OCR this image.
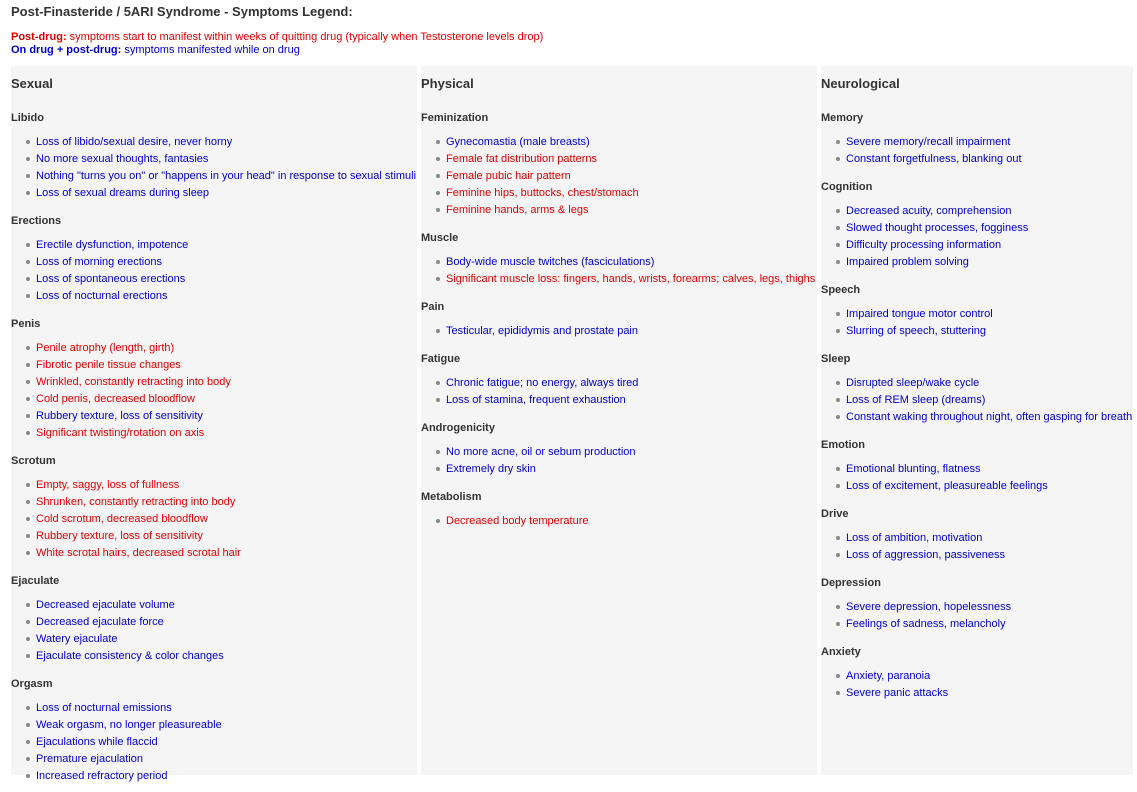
Post-Finasteride / 5ARI Syndrome - Symptoms Legend:
Post-drug: symptoms start to manifest within weeks of quitting drug (typically when Testosterone levels drop)
On drug + post-drug: symptoms manifested while on drug
Sexual
Libido
Loss of libido/sexual desire, never horny
No more sexual thoughts, fantasies
Nothing "turns you on" or "happens in your head" in response to sexual stimuli
Loss of sexual dreams during sleep
Erections
Erectile dysfunction, impotence
Loss of morning erections
Loss of spontaneous erections
Loss of nocturnal erections
Penis
Penile atrophy (length, girth)
Fibrotic penile tissue changes
Wrinkled, constantly retracting into body
Cold penis, decreased bloodflow
Rubbery texture, loss of sensitivity
Significant twisting/rotation on axis
Scrotum
Empty, saggy, loss of fullness
Shrunken, constantly retracting into body
Cold scrotum, decreased bloodflow
Rubbery texture, loss of sensitivity
White scrotal hairs, decreased scrotal hair
Ejaculate
Decreased ejaculate volume
Decreased ejaculate force
Watery ejaculate
Ejaculate consistency & color changes
Orgasm
Loss of nocturnal emissions
Weak orgasm, no longer pleasureable
Ejaculations while flaccid
Premature ejaculation
Increased refractory period
Physical
Feminization
Gynecomastia (male breasts)
Female fat distribution patterns
Female pubic hair pattern
Feminine hips, buttocks, chest/stomach
Feminine hands, arms & legs
Muscle
Body-wide muscle twitches (fasciculations)
Significant muscle loss: fingers, hands, wrists, forearms; calves, legs, thighs
Pain
Testicular, epididymis and prostate pain
Fatigue
Chronic fatigue; no energy, always tired
Loss of stamina, frequent exhaustion
Androgenicity
No more acne, oil or sebum production
Extremely dry skin
Metabolism
Decreased body temperature
Neurological
Memory
Severe memory/recall impairment
Constant forgetfulness, blanking out
Cognition
Decreased acuity, comprehension
Slowed thought processes, fogginess
Difficulty processing information
Impaired problem solving
Speech
Impaired tongue motor control
Slurring of speech, stuttering
Sleep
Disrupted sleep/wake cycle
Loss of REM sleep (dreams)
Constant waking throughout night, often gasping for breath
Emotion
Emotional blunting, flatness
Loss of excitement, pleasureable feelings
Drive
Loss of ambition, motivation
Loss of aggression, passiveness
Depression
Severe depression, hopelessness
Feelings of sadness, melancholy
Anxiety
Anxiety, paranoia
Severe panic attacks
